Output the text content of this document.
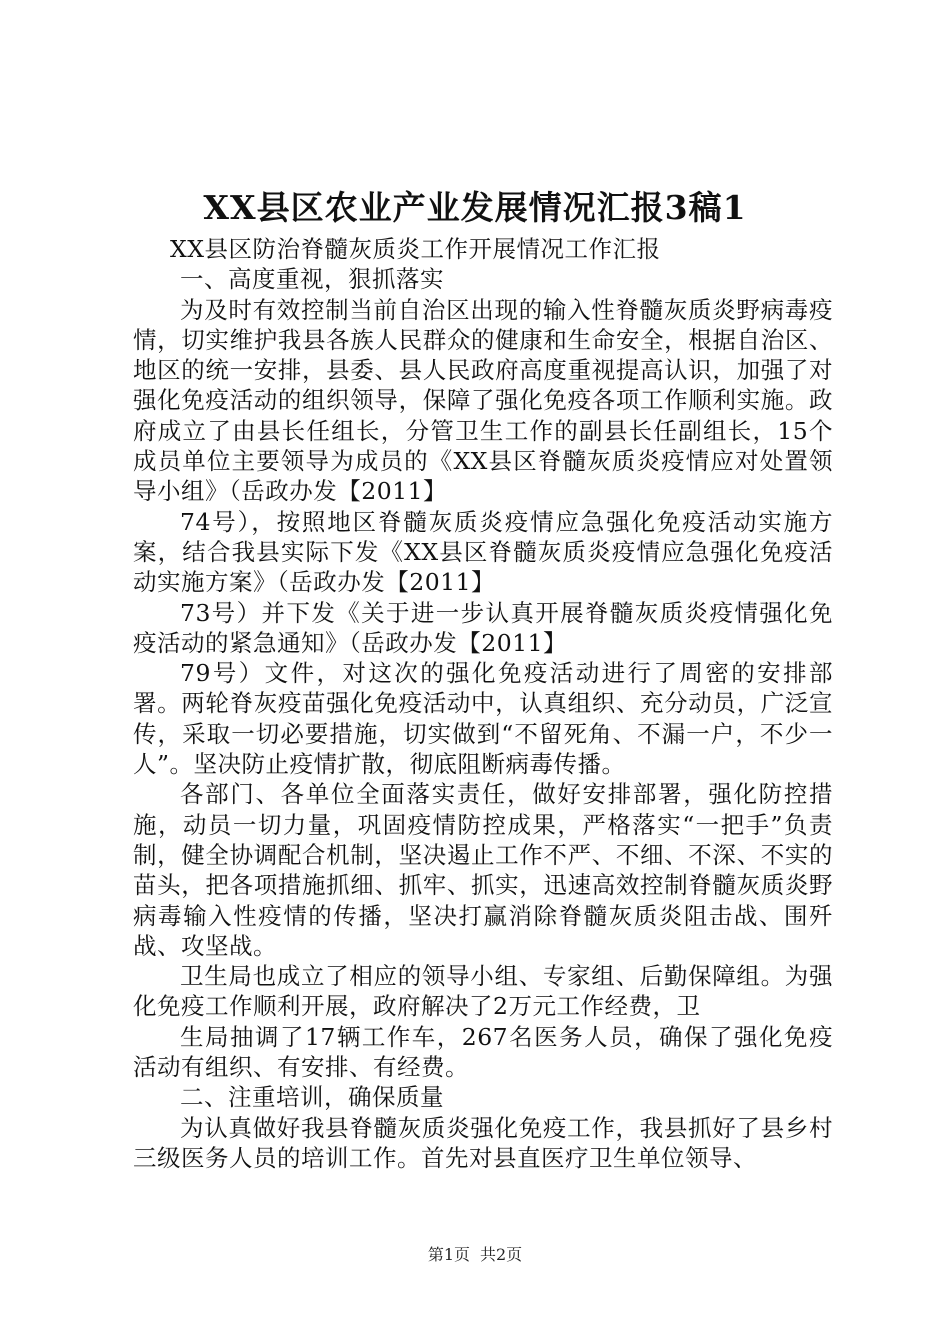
XX县区农业产业发展情况汇报3稿1

XX县区防治脊髓灰质炎工作开展情况工作汇报

一、高度重视，狠抓落实

为及时有效控制当前自治区出现的输入性脊髓灰质炎野病毒疫情，切实维护我县各族人民群众的健康和生命安全，根据自治区、地区的统一安排，县委、县人民政府高度重视提高认识，加强了对强化免疫活动的组织领导，保障了强化免疫各项工作顺利实施。政府成立了由县长任组长，分管卫生工作的副县长任副组长，15个成员单位主要领导为成员的《XX县区脊髓灰质炎疫情应对处置领导小组》（岳政办发【2011】

74号），按照地区脊髓灰质炎疫情应急强化免疫活动实施方案，结合我县实际下发《XX县区脊髓灰质炎疫情应急强化免疫活动实施方案》（岳政办发【2011】

73号）并下发《关于进一步认真开展脊髓灰质炎疫情强化免疫活动的紧急通知》（岳政办发【2011】

79号）文件，对这次的强化免疫活动进行了周密的安排部署。两轮脊灰疫苗强化免疫活动中，认真组织、充分动员，广泛宣传，采取一切必要措施，切实做到“不留死角、不漏一户，不少一人”。坚决防止疫情扩散，彻底阻断病毒传播。

各部门、各单位全面落实责任，做好安排部署，强化防控措施，动员一切力量，巩固疫情防控成果，严格落实“一把手”负责制，健全协调配合机制，坚决遏止工作不严、不细、不深、不实的苗头，把各项措施抓细、抓牢、抓实，迅速高效控制脊髓灰质炎野病毒输入性疫情的传播，坚决打赢消除脊髓灰质炎阻击战、围歼战、攻坚战。

卫生局也成立了相应的领导小组、专家组、后勤保障组。为强化免疫工作顺利开展，政府解决了2万元工作经费，卫

生局抽调了17辆工作车，267名医务人员，确保了强化免疫活动有组织、有安排、有经费。

二、注重培训，确保质量

为认真做好我县脊髓灰质炎强化免疫工作，我县抓好了县乡村三级医务人员的培训工作。首先对县直医疗卫生单位领导、

第1页 共2页
